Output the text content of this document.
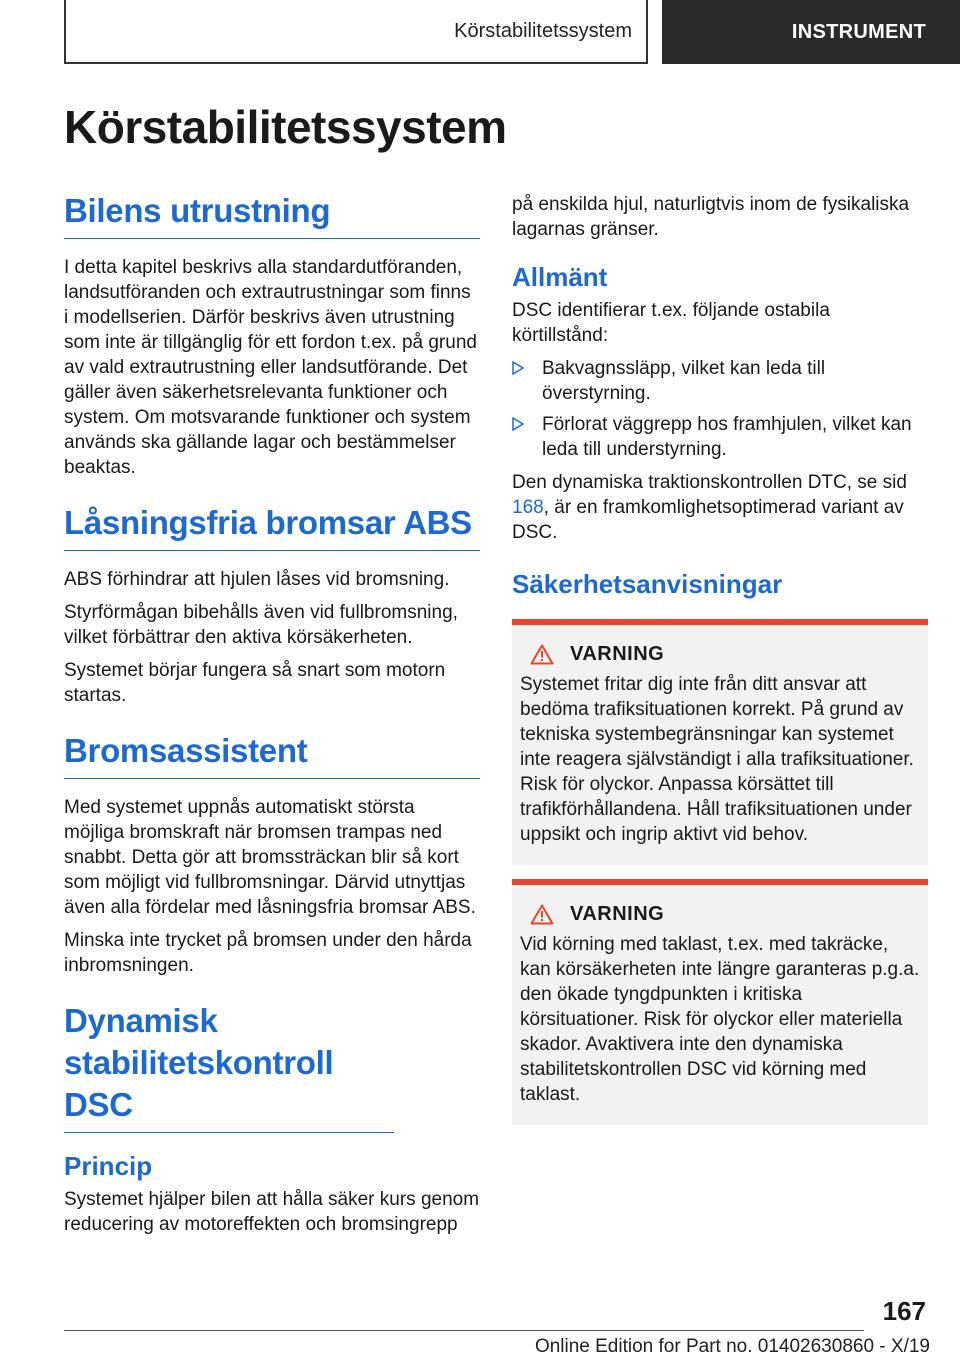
Körstabilitetssystem	INSTRUMENT
Körstabilitetssystem
Bilens utrustning

I detta kapitel beskrivs alla standardutföranden, landsutföranden och extrautrustningar som finns i modellserien. Därför beskrivs även utrustning som inte är tillgänglig för ett fordon t.ex. på grund av vald extrautrustning eller landsutförande. Det gäller även säkerhetsrelevanta funktioner och system. Om motsvarande funktioner och system används ska gällande lagar och bestämmelser beaktas.

Låsningsfria bromsar ABS

ABS förhindrar att hjulen låses vid bromsning.

Styrförmågan bibehålls även vid fullbromsning, vilket förbättrar den aktiva körsäkerheten.

Systemet börjar fungera så snart som motorn startas.

Bromsassistent

Med systemet uppnås automatiskt största möjliga bromskraft när bromsen trampas ned snabbt. Detta gör att bromssträckan blir så kort som möjligt vid fullbromsningar. Därvid utnyttjas även alla fördelar med låsningsfria bromsar ABS.

Minska inte trycket på bromsen under den hårda inbromsningen.

Dynamisk stabilitetskontroll DSC
Princip

Systemet hjälper bilen att hålla säker kurs genom reducering av motoreffekten och bromsingrepp

på enskilda hjul, naturligtvis inom de fysikaliska lagarnas gränser.

Allmänt

DSC identifierar t.ex. följande ostabila körtillstånd:

Bakvagnssläpp, vilket kan leda till överstyrning.
Förlorat väggrepp hos framhjulen, vilket kan leda till understyrning.

Den dynamiska traktionskontrollen DTC, se sid 168, är en framkomlighetsoptimerad variant av DSC.

Säkerhetsanvisningar
VARNING

Systemet fritar dig inte från ditt ansvar att bedöma trafiksituationen korrekt. På grund av tekniska systembegränsningar kan systemet inte reagera självständigt i alla trafiksituationer. Risk för olyckor. Anpassa körsättet till trafikförhållandena. Håll trafiksituationen under uppsikt och ingrip aktivt vid behov.

VARNING

Vid körning med taklast, t.ex. med takräcke, kan körsäkerheten inte längre garanteras p.g.a. den ökade tyngdpunkten i kritiska körsituationer. Risk för olyckor eller materiella skador. Avaktivera inte den dynamiska stabilitetskontrollen DSC vid körning med taklast.

167
Online Edition for Part no. 01402630860 - X/19
